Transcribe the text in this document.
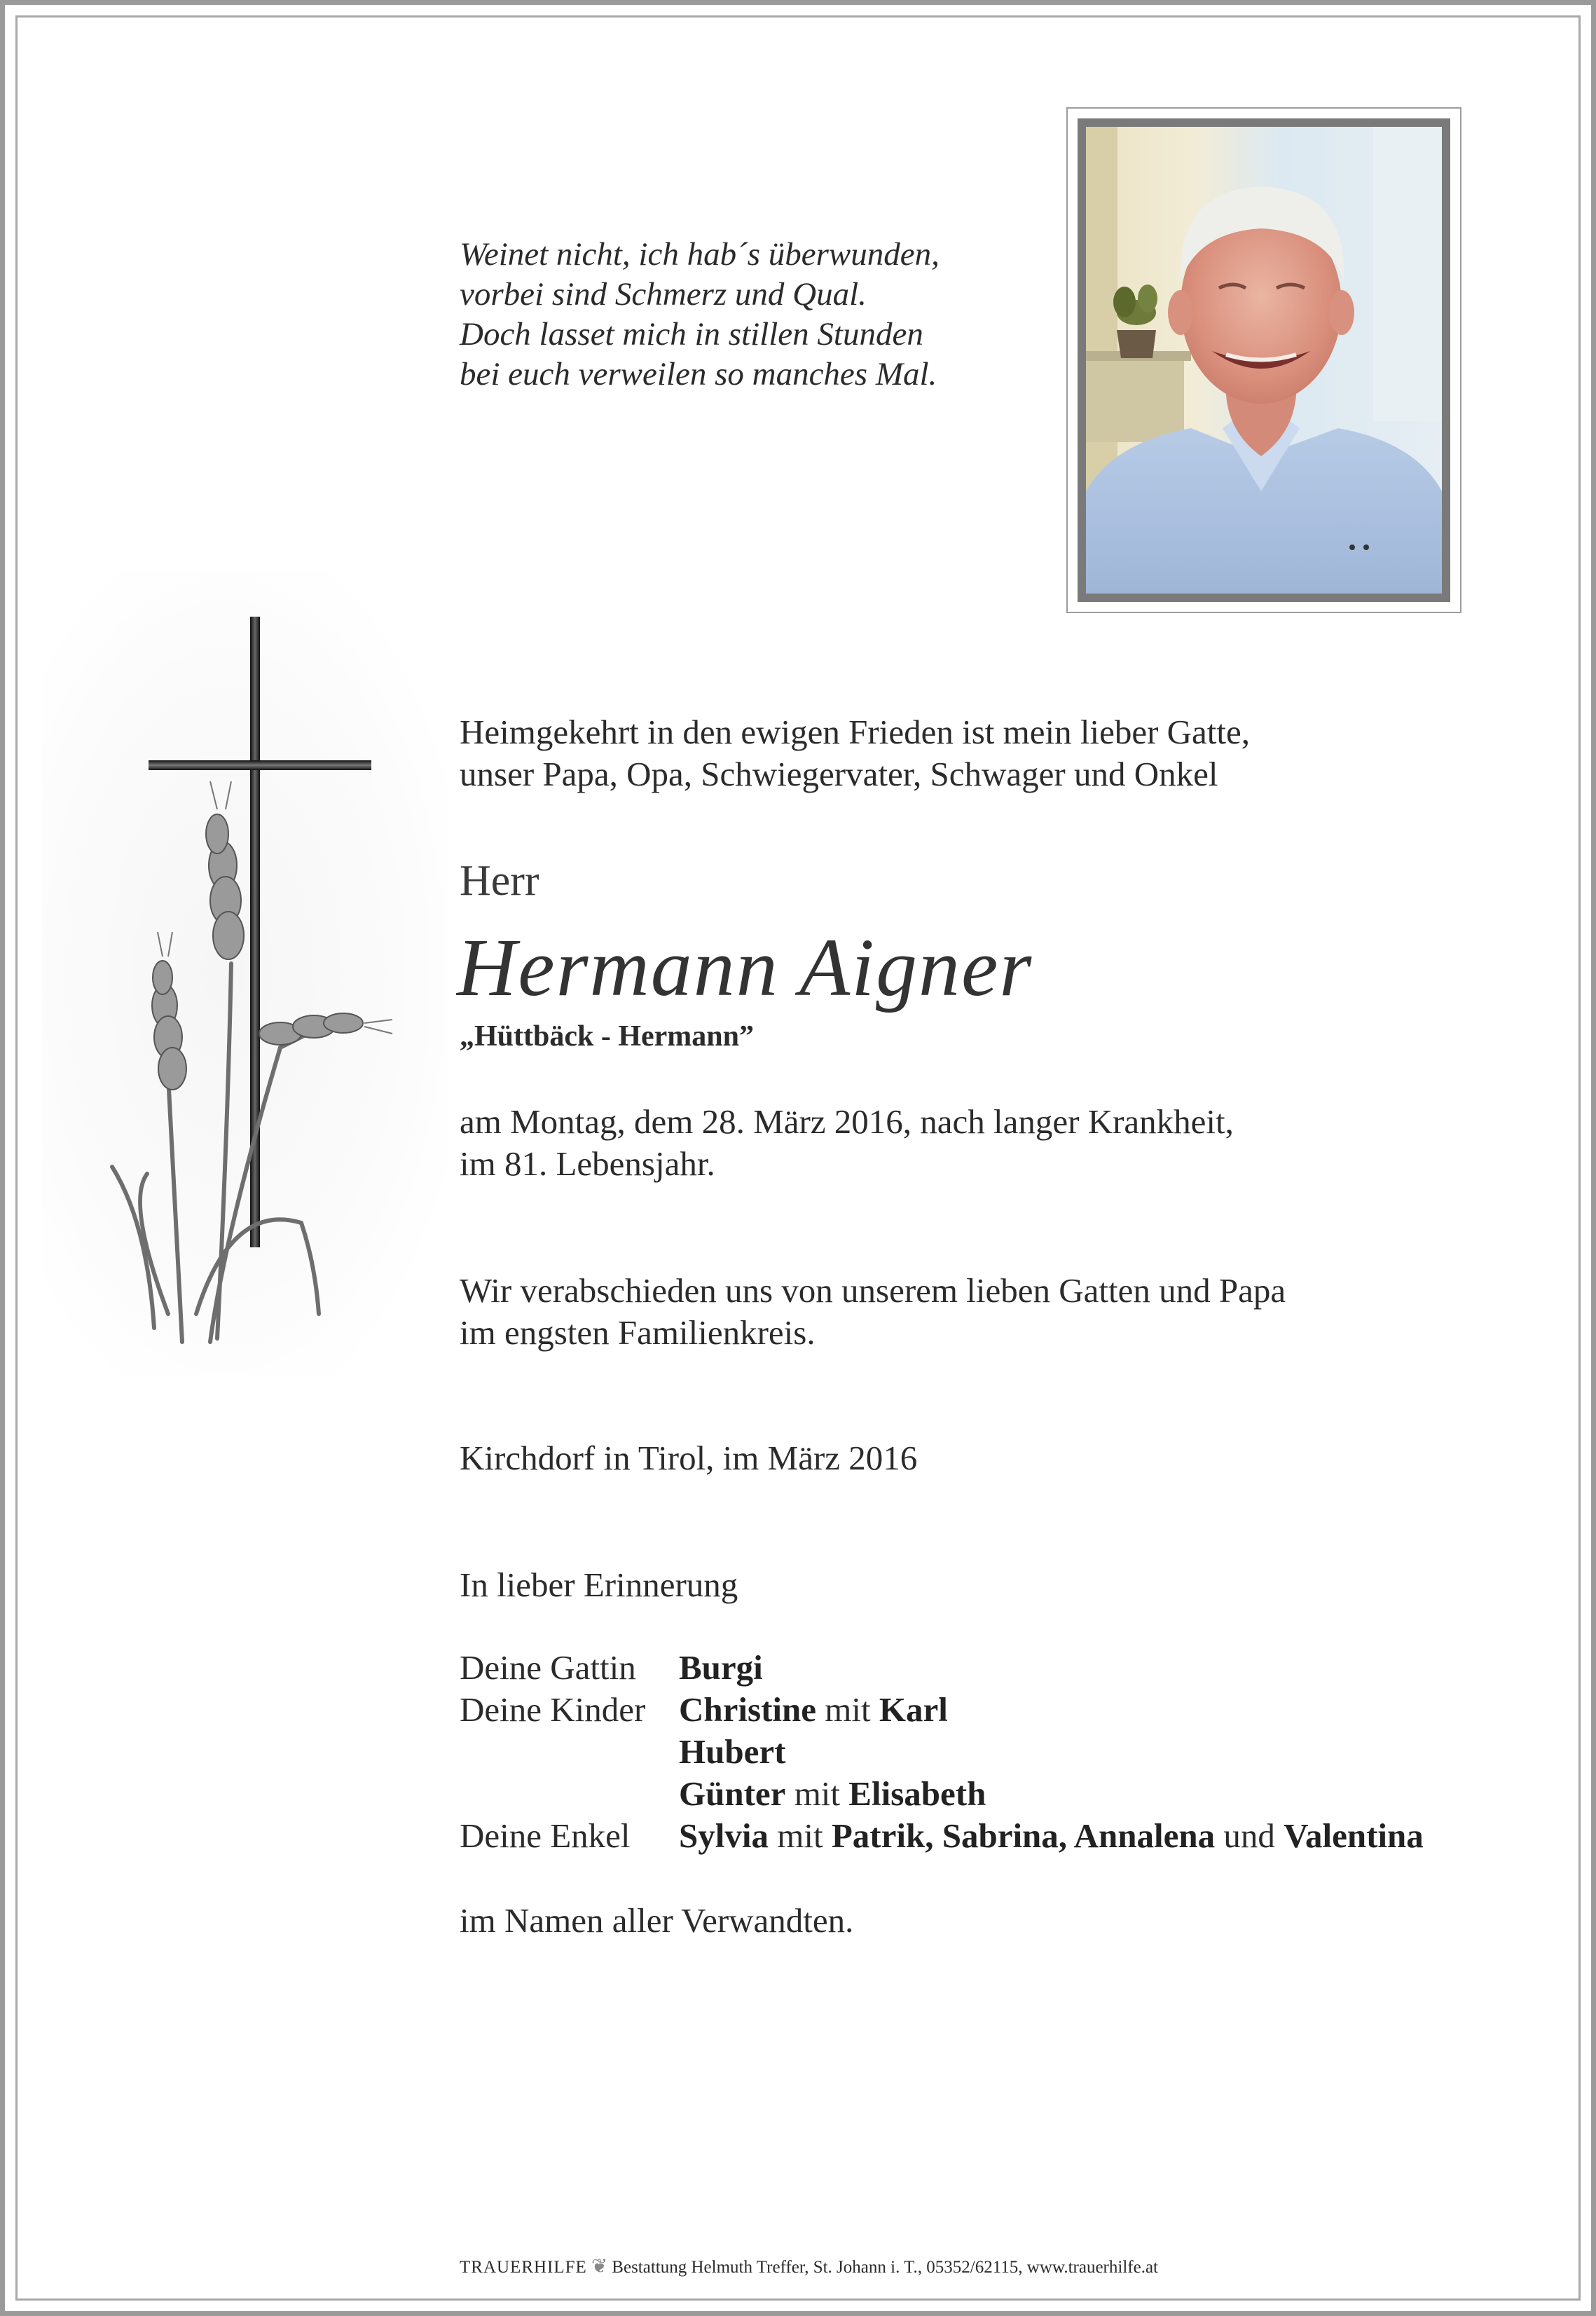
Weinet nicht, ich hab´s überwunden,
vorbei sind Schmerz und Qual.
Doch lasset mich in stillen Stunden
bei euch verweilen so manches Mal.
Heimgekehrt in den ewigen Frieden ist mein lieber Gatte,
unser Papa, Opa, Schwiegervater, Schwager und Onkel
Herr
Hermann Aigner
„Hüttbäck - Hermann”
am Montag, dem 28. März 2016, nach langer Krankheit,
im 81. Lebensjahr.
Wir verabschieden uns von unserem lieben Gatten und Papa
im engsten Familienkreis.
Kirchdorf in Tirol, im März 2016
In lieber Erinnerung
Deine Gattin	Burgi
Deine Kinder Christine mit Karl
Hubert
Günter mit Elisabeth
Deine Enkel	Sylvia mit Patrik, Sabrina, Annalena und Valentina
im Namen aller Verwandten.
TRAUERHILFE ❦ Bestattung Helmuth Treffer, St. Johann i. T., 05352/62115, www.trauerhilfe.at
